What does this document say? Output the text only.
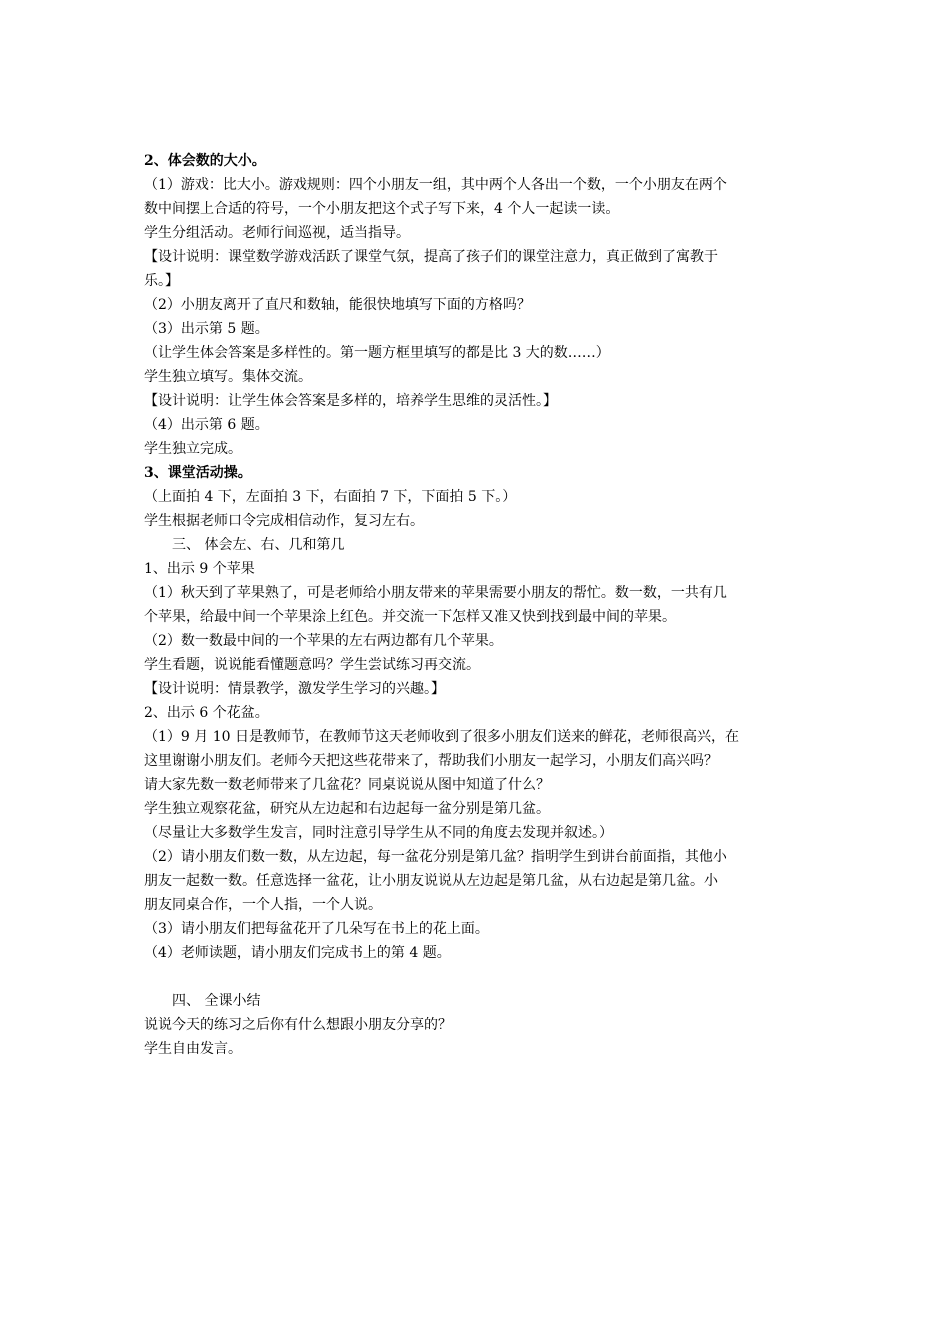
2、体会数的大小。
（1）游戏：比大小。游戏规则：四个小朋友一组，其中两个人各出一个数，一个小朋友在两个
数中间摆上合适的符号，一个小朋友把这个式子写下来，4 个人一起读一读。
学生分组活动。老师行间巡视，适当指导。
【设计说明：课堂数学游戏活跃了课堂气氛，提高了孩子们的课堂注意力，真正做到了寓教于
乐。】
（2）小朋友离开了直尺和数轴，能很快地填写下面的方格吗？
（3）出示第 5 题。
（让学生体会答案是多样性的。第一题方框里填写的都是比 3 大的数……）
学生独立填写。集体交流。
【设计说明：让学生体会答案是多样的，培养学生思维的灵活性。】
（4）出示第 6 题。
学生独立完成。
3、课堂活动操。
（上面拍 4 下，左面拍 3 下，右面拍 7 下，下面拍 5 下。）
学生根据老师口令完成相信动作，复习左右。
三、 体会左、右、几和第几
1、出示 9 个苹果
（1）秋天到了苹果熟了，可是老师给小朋友带来的苹果需要小朋友的帮忙。数一数，一共有几
个苹果，给最中间一个苹果涂上红色。并交流一下怎样又准又快到找到最中间的苹果。
（2）数一数最中间的一个苹果的左右两边都有几个苹果。
学生看题，说说能看懂题意吗？学生尝试练习再交流。
【设计说明：情景教学，激发学生学习的兴趣。】
2、出示 6 个花盆。
（1）9 月 10 日是教师节，在教师节这天老师收到了很多小朋友们送来的鲜花，老师很高兴，在
这里谢谢小朋友们。老师今天把这些花带来了，帮助我们小朋友一起学习，小朋友们高兴吗？
请大家先数一数老师带来了几盆花？同桌说说从图中知道了什么？
学生独立观察花盆，研究从左边起和右边起每一盆分别是第几盆。
（尽量让大多数学生发言，同时注意引导学生从不同的角度去发现并叙述。）
（2）请小朋友们数一数，从左边起，每一盆花分别是第几盆？指明学生到讲台前面指，其他小
朋友一起数一数。任意选择一盆花，让小朋友说说从左边起是第几盆，从右边起是第几盆。小
朋友同桌合作，一个人指，一个人说。
（3）请小朋友们把每盆花开了几朵写在书上的花上面。
（4）老师读题，请小朋友们完成书上的第 4 题。
四、 全课小结
说说今天的练习之后你有什么想跟小朋友分享的？
学生自由发言。
